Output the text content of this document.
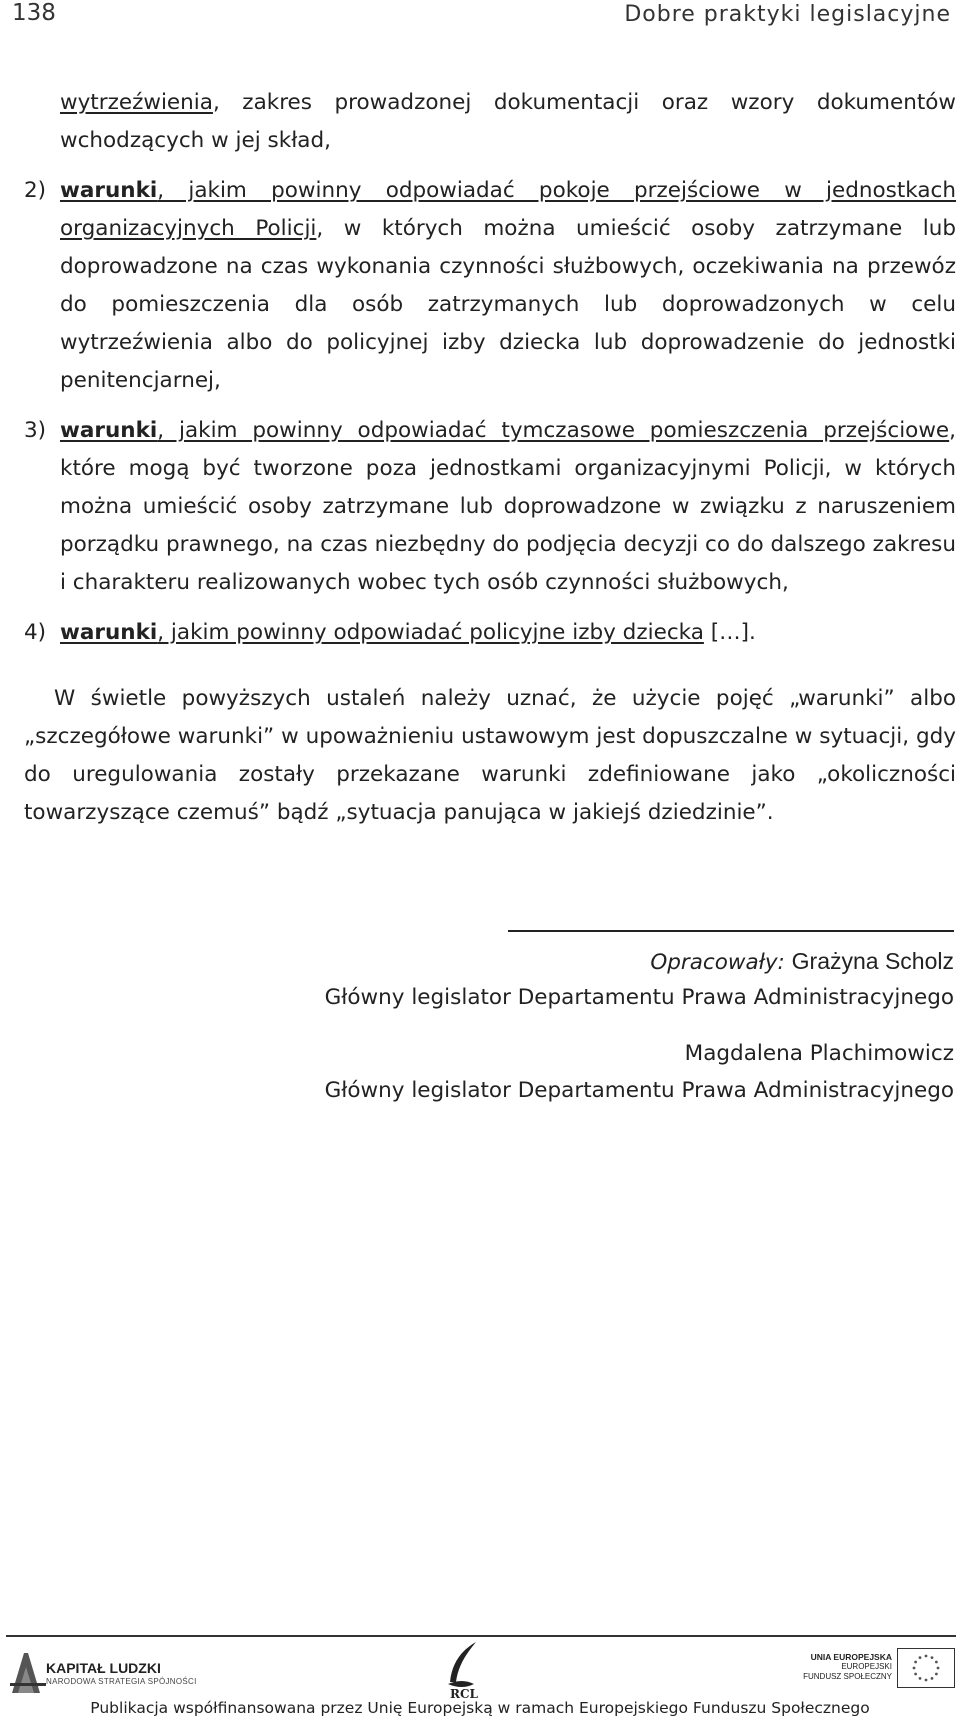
138	Dobre praktyki legislacyjne
wytrzeźwienia, zakres prowadzonej dokumentacji oraz wzory dokumentów wchodzących w jej skład,
2) warunki, jakim powinny odpowiadać pokoje przejściowe w jednostkach organizacyjnych Policji, w których można umieścić osoby zatrzymane lub doprowadzone na czas wykonania czynności służbowych, oczekiwania na przewóz do pomieszczenia dla osób zatrzymanych lub doprowadzonych w celu wytrzeźwienia albo do policyjnej izby dziecka lub doprowadzenie do jednostki penitencjarnej,
3) warunki, jakim powinny odpowiadać tymczasowe pomieszczenia przejściowe, które mogą być tworzone poza jednostkami organizacyjnymi Policji, w których można umieścić osoby zatrzymane lub doprowadzone w związku z naruszeniem porządku prawnego, na czas niezbędny do podjęcia decyzji co do dalszego zakresu i charakteru realizowanych wobec tych osób czynności służbowych,
4) warunki, jakim powinny odpowiadać policyjne izby dziecka […].
W świetle powyższych ustaleń należy uznać, że użycie pojęć „warunki” albo „szczegółowe warunki” w upoważnieniu ustawowym jest dopuszczalne w sytuacji, gdy do uregulowania zostały przekazane warunki zdefiniowane jako „okoliczności towarzyszące czemuś” bądź „sytuacja panująca w jakiejś dziedzinie”.
Opracowały: Grażyna Scholz
Główny legislator Departamentu Prawa Administracyjnego
Magdalena Plachimowicz
Główny legislator Departamentu Prawa Administracyjnego
KAPITAŁ LUDZKI
NARODOWA STRATEGIA SPÓJNOŚCI
RCL
UNIA EUROPEJSKA
EUROPEJSKI
FUNDUSZ SPOŁECZNY
Publikacja współfinansowana przez Unię Europejską w ramach Europejskiego Funduszu Społecznego
